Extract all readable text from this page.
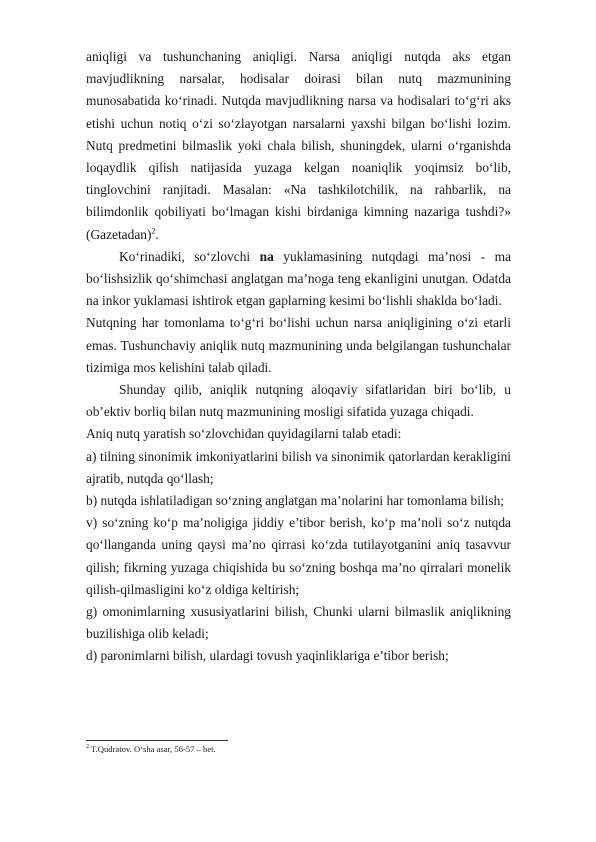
aniqligi va tushunchaning aniqligi. Narsa aniqligi nutqda aks etgan mavjudlikning narsalar, hodisalar doirasi bilan nutq mazmunining munosabatida ko‘rinadi. Nutqda mavjudlikning narsa va hodisalari to‘g‘ri aks etishi uchun notiq o‘zi so‘zlayotgan narsalarni yaxshi bilgan bo‘lishi lozim. Nutq predmetini bilmaslik yoki chala bilish, shuningdek, ularni o‘rganishda loqaydlik qilish natijasida yuzaga kelgan noaniqlik yoqimsiz bo‘lib, tinglovchini ranjitadi. Masalan: «Na tashkilotchilik, na rahbarlik, na bilimdonlik qobiliyati bo‘lmagan kishi birdaniga kimning nazariga tushdi?» (Gazetadan)$^2$.

Ko‘rinadiki, so‘zlovchi na yuklamasining nutqdagi ma’nosi - ma bo‘lishsizlik qo‘shimchasi anglatgan ma’noga teng ekanligini unutgan. Odatda na inkor yuklamasi ishtirok etgan gaplarning kesimi bo‘lishli shaklda bo‘ladi.

Nutqning har tomonlama to‘g‘ri bo‘lishi uchun narsa aniqligining o‘zi etarli emas. Tushunchaviy aniqlik nutq mazmunining unda belgilangan tushunchalar tizimiga mos kelishini talab qiladi.

Shunday qilib, aniqlik nutqning aloqaviy sifatlaridan biri bo‘lib, u ob’ektiv borliq bilan nutq mazmunining mosligi sifatida yuzaga chiqadi.

Aniq nutq yaratish so‘zlovchidan quyidagilarni talab etadi:

a) tilning sinonimik imkoniyatlarini bilish va sinonimik qatorlardan kerakligini ajratib, nutqda qo‘llash;

b) nutqda ishlatiladigan so‘zning anglatgan ma’nolarini har tomonlama bilish;

v) so‘zning ko‘p ma’noligiga jiddiy e’tibor berish, ko‘p ma’noli so‘z nutqda qo‘llanganda uning qaysi ma’no qirrasi ko‘zda tutilayotganini aniq tasavvur qilish; fikrning yuzaga chiqishida bu so‘zning boshqa ma’no qirralari monelik qilish-qilmasligini ko‘z oldiga keltirish;

g) omonimlarning xususiyatlarini bilish, Chunki ularni bilmaslik aniqlikning buzilishiga olib keladi;

d) paronimlarni bilish, ulardagi tovush yaqinliklariga e’tibor berish;

$^2$ T.Qudratov. O‘sha asar, 56-57 – bet.
